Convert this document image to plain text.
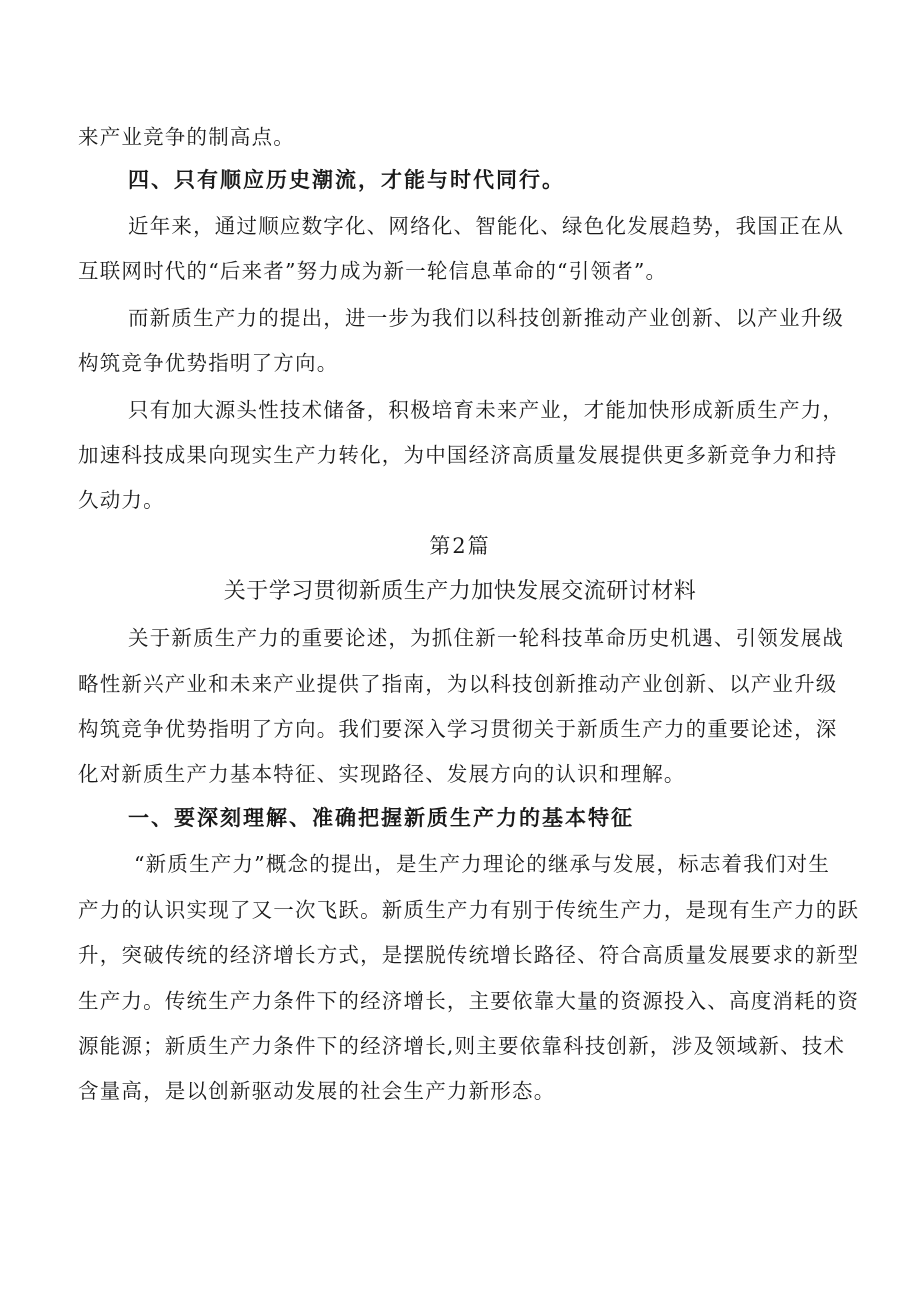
来产业竞争的制高点。
四、只有顺应历史潮流，才能与时代同行。
近年来，通过顺应数字化、网络化、智能化、绿色化发展趋势，我国正在从
互联网时代的“后来者”努力成为新一轮信息革命的“引领者”。
而新质生产力的提出，进一步为我们以科技创新推动产业创新、以产业升级
构筑竞争优势指明了方向。
只有加大源头性技术储备，积极培育未来产业，才能加快形成新质生产力，
加速科技成果向现实生产力转化，为中国经济高质量发展提供更多新竞争力和持
久动力。
第2篇
关于学习贯彻新质生产力加快发展交流研讨材料
关于新质生产力的重要论述，为抓住新一轮科技革命历史机遇、引领发展战
略性新兴产业和未来产业提供了指南，为以科技创新推动产业创新、以产业升级
构筑竞争优势指明了方向。我们要深入学习贯彻关于新质生产力的重要论述，深
化对新质生产力基本特征、实现路径、发展方向的认识和理解。
一、要深刻理解、准确把握新质生产力的基本特征
“新质生产力”概念的提出，是生产力理论的继承与发展，标志着我们对生
产力的认识实现了又一次飞跃。新质生产力有别于传统生产力，是现有生产力的跃
升，突破传统的经济增长方式，是摆脱传统增长路径、符合高质量发展要求的新型
生产力。传统生产力条件下的经济增长，主要依靠大量的资源投入、高度消耗的资
源能源；新质生产力条件下的经济增长,则主要依靠科技创新，涉及领域新、技术
含量高，是以创新驱动发展的社会生产力新形态。
